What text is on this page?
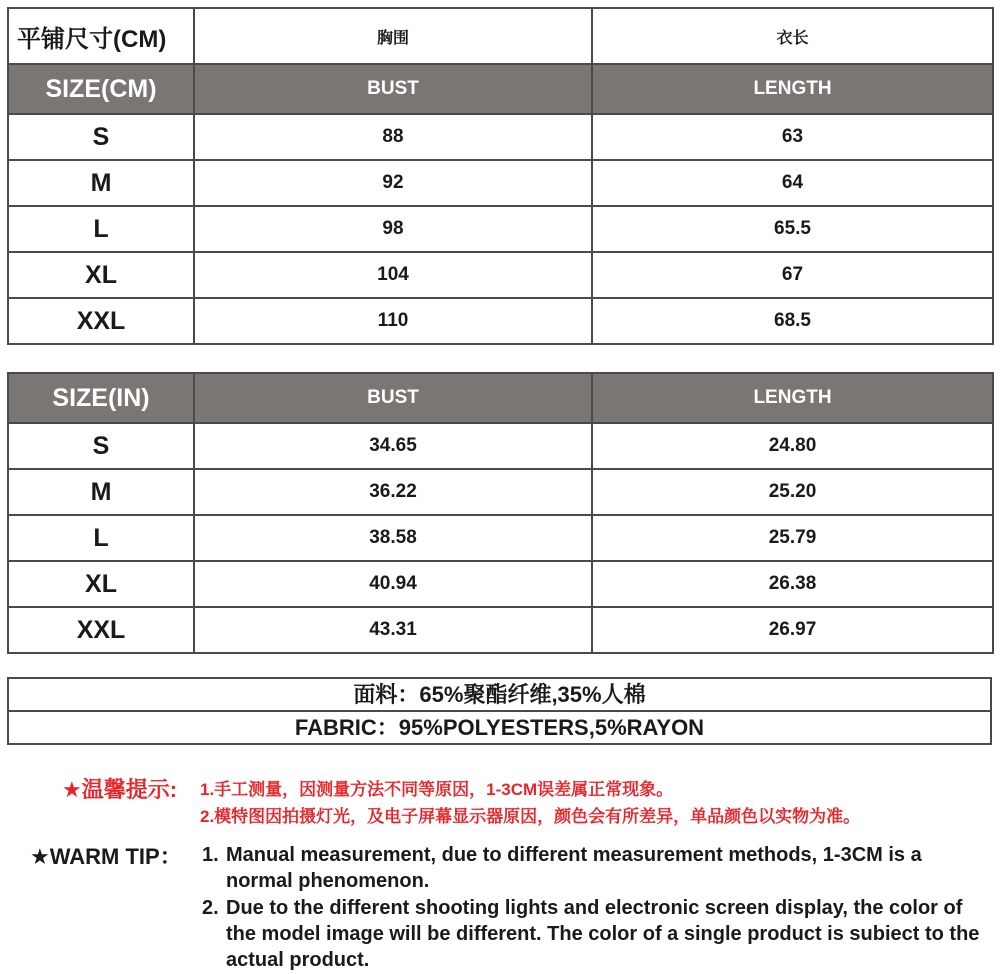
平铺尺寸(CM)	胸围	衣长
SIZE(CM)	BUST	LENGTH
S	88	63
M	92	64
L	98	65.5
XL	104	67
XXL	110	68.5
SIZE(IN)	BUST	LENGTH
S	34.65	24.80
M	36.22	25.20
L	38.58	25.79
XL	40.94	26.38
XXL	43.31	26.97
面料：65%聚酯纤维,35%人棉
FABRIC：95%POLYESTERS,5%RAYON
★温馨提示: 1.手工测量，因测量方法不同等原因，1-3CM误差属正常现象。
2.模特图因拍摄灯光，及电子屏幕显示器原因，颜色会有所差异，单品颜色以实物为准。
★WARM TIP： 1. Manual measurement, due to different measurement methods, 1-3CM is a normal phenomenon.
2. Due to the different shooting lights and electronic screen display, the color of the model image will be different. The color of a single product is subiect to the actual product.
